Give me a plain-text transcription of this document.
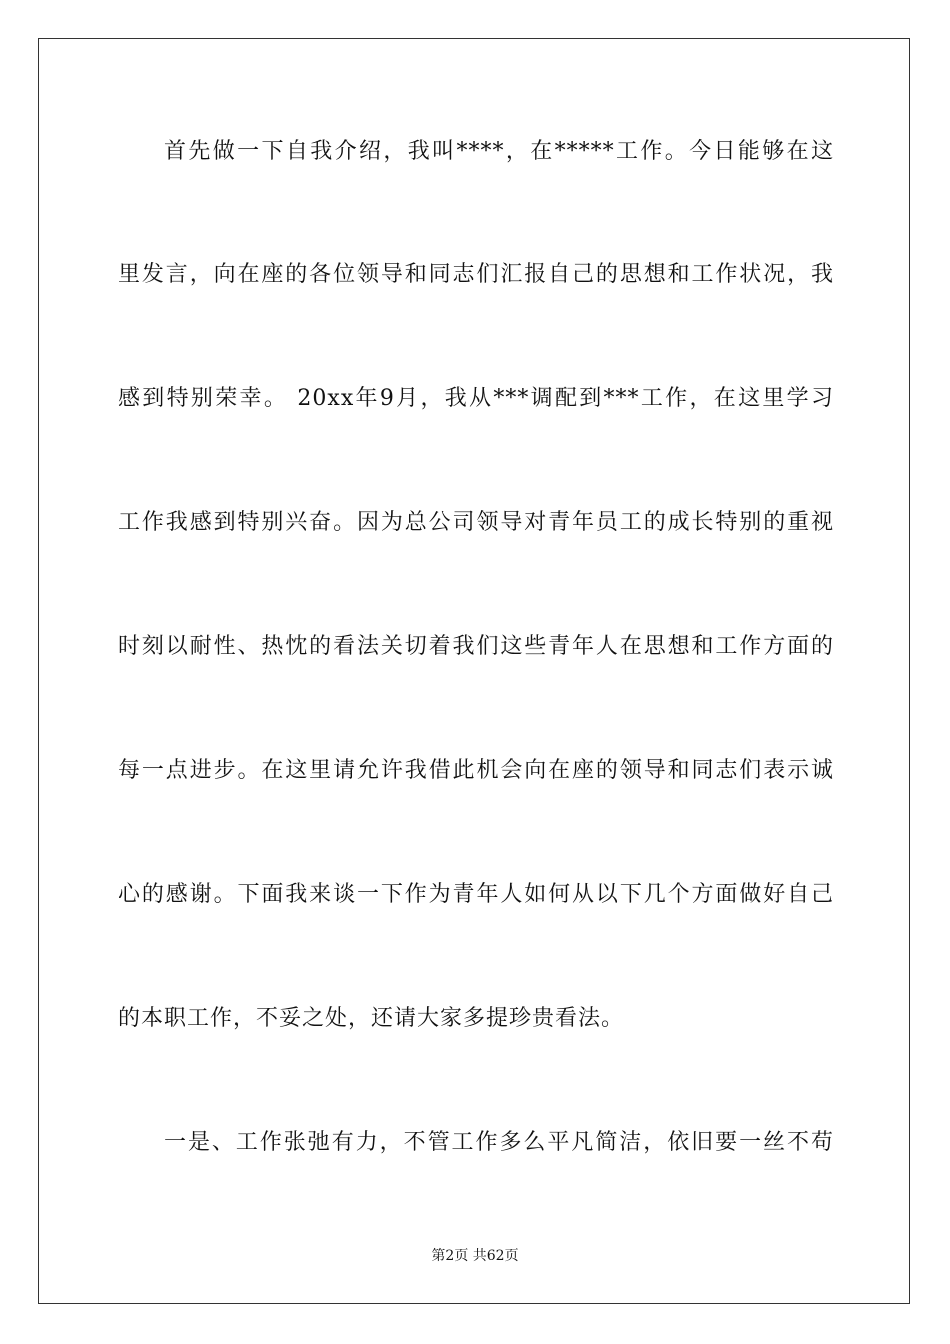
首先做一下自我介绍，我叫****，在*****工作。今日能够在这
里发言，向在座的各位领导和同志们汇报自己的思想和工作状况，我
感到特别荣幸。 20xx年9月，我从***调配到***工作，在这里学习
工作我感到特别兴奋。因为总公司领导对青年员工的成长特别的重视
时刻以耐性、热忱的看法关切着我们这些青年人在思想和工作方面的
每一点进步。在这里请允许我借此机会向在座的领导和同志们表示诚
心的感谢。下面我来谈一下作为青年人如何从以下几个方面做好自己
的本职工作，不妥之处，还请大家多提珍贵看法。
一是、工作张弛有力，不管工作多么平凡简洁，依旧要一丝不苟
第2页 共62页
